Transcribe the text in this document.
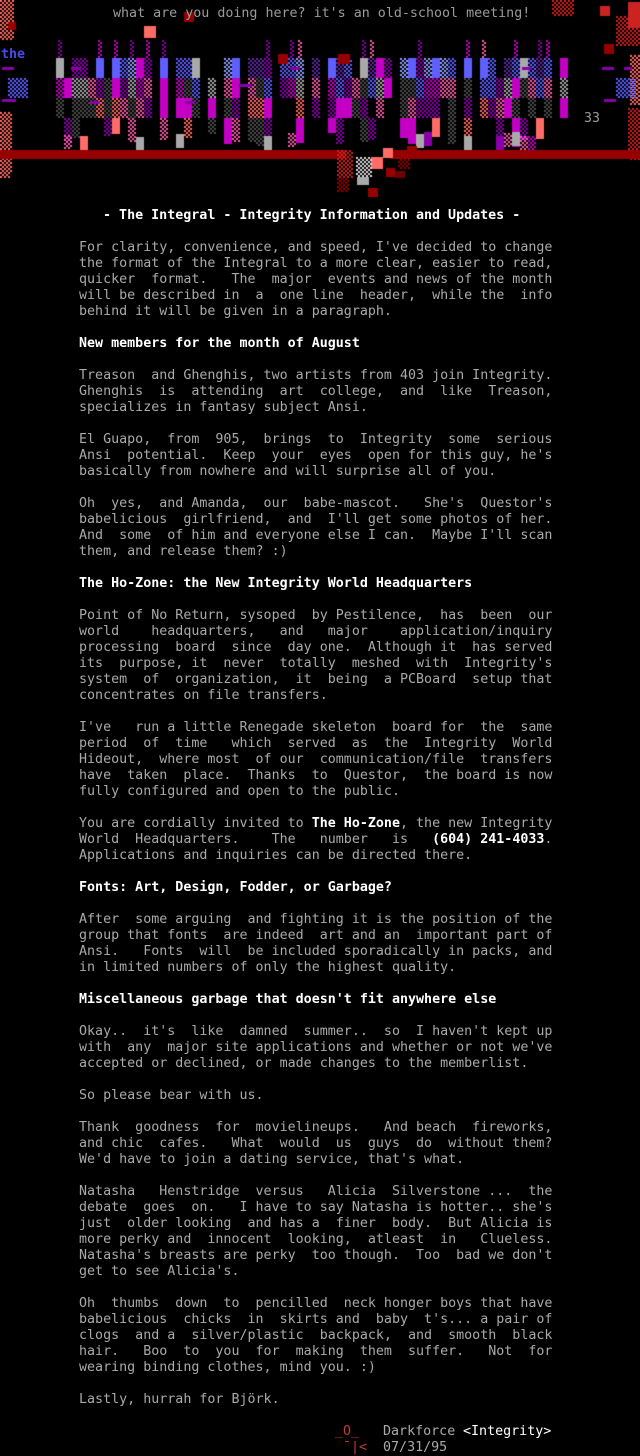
what are you doing here? it's an old-school meeting!
the
33
- The Integral - Integrity Information and Updates -
For clarity, convenience, and speed, I've decided to change
the format of the Integral to a more clear, easier to read,
quicker  format.   The  major  events and news of the month
will be described in  a  one line  header,  while the  info
behind it will be given in a paragraph.
New members for the month of August
Treason  and Ghenghis, two artists from 403 join Integrity.
Ghenghis  is  attending  art  college,  and  like  Treason,
specializes in fantasy subject Ansi.
El Guapo,  from  905,  brings  to  Integrity  some  serious
Ansi  potential.  Keep  your  eyes  open for this guy, he's
basically from nowhere and will surprise all of you.
Oh  yes,  and Amanda,  our  babe-mascot.   She's  Questor's
babelicious  girlfriend,  and  I'll get some photos of her.
And  some  of him and everyone else I can.  Maybe I'll scan
them, and release them? :)
The Ho-Zone: the New Integrity World Headquarters
Point of No Return, sysoped  by Pestilence,  has  been  our
world    headquarters,   and   major    application/inquiry
processing  board  since  day one.  Although it  has served
its  purpose, it  never  totally  meshed  with  Integrity's
system  of  organization,  it  being  a PCBoard  setup that
concentrates on file transfers.
I've   run a little Renegade skeleton  board for  the  same
period  of  time   which  served  as  the  Integrity  World
Hideout,  where most  of our  communication/file  transfers
have  taken  place.  Thanks  to  Questor,  the board is now
fully configured and open to the public.
You are cordially invited to The Ho-Zone, the new Integrity
World  Headquarters.    The   number   is   (604) 241-4033.
Applications and inquiries can be directed there.
Fonts: Art, Design, Fodder, or Garbage?
After  some arguing  and fighting it is the position of the
group that fonts  are indeed  art and an  important part of
Ansi.   Fonts  will  be included sporadically in packs, and
in limited numbers of only the highest quality.
Miscellaneous garbage that doesn't fit anywhere else
Okay..  it's  like  damned  summer..  so  I haven't kept up
with  any  major site applications and whether or not we've
accepted or declined, or made changes to the memberlist.
So please bear with us.
Thank  goodness  for  movielineups.   And beach  fireworks,
and chic  cafes.   What  would  us  guys  do  without them?
We'd have to join a dating service, that's what.
Natasha   Henstridge  versus   Alicia  Silverstone ...  the
debate  goes  on.   I have to say Natasha is hotter.. she's
just  older looking  and has a  finer  body.  But Alicia is
more perky and  innocent  looking,  atleast  in   Clueless.
Natasha's breasts are perky  too though.  Too  bad we don't
get to see Alicia's.
Oh  thumbs  down  to  pencilled  neck honger boys that have
babelicious  chicks  in  skirts and  baby  t's... a pair of
clogs  and a  silver/plastic  backpack,  and  smooth  black
hair.   Boo  to  you  for  making  them  suffer.   Not  for
wearing binding clothes, mind you. :)
Lastly, hurrah for Björk.
_O_ Darkforce <Integrity>
¯|< 07/31/95
